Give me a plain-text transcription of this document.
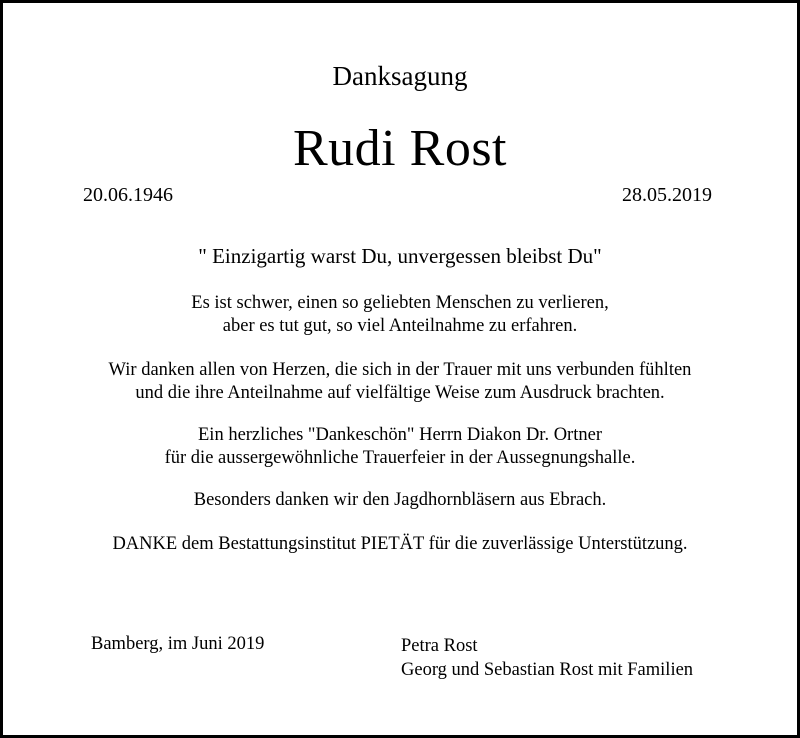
Danksagung
Rudi Rost
20.06.1946	28.05.2019
" Einzigartig warst Du, unvergessen bleibst Du"
Es ist schwer, einen so geliebten Menschen zu verlieren,
aber es tut gut, so viel Anteilnahme zu erfahren.
Wir danken allen von Herzen, die sich in der Trauer mit uns verbunden fühlten
und die ihre Anteilnahme auf vielfältige Weise zum Ausdruck brachten.
Ein herzliches "Dankeschön" Herrn Diakon Dr. Ortner
für die aussergewöhnliche Trauerfeier in der Aussegnungshalle.
Besonders danken wir den Jagdhornbläsern aus Ebrach.
DANKE dem Bestattungsinstitut PIETÄT für die zuverlässige Unterstützung.
Bamberg, im Juni 2019	Petra Rost
Georg und Sebastian Rost mit Familien
